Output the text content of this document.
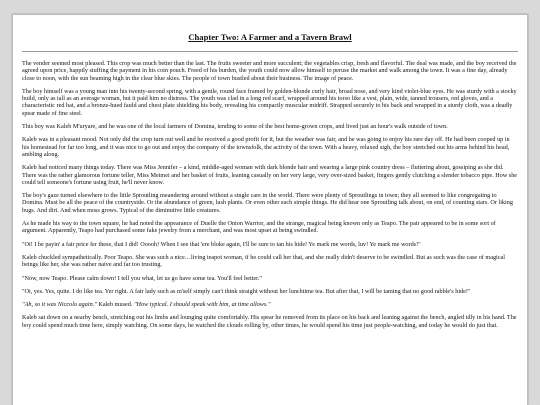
Chapter Two: A Farmer and a Tavern Brawl

The vender seemed most pleased. This crop was much better than the last. The fruits sweeter and more succulent; the vegetables crisp, fresh and flavorful. The deal was made, and the boy received the agreed upon price, happily stuffing the payment in his coin pouch. Freed of his burden, the youth could now allow himself to peruse the market and walk among the town. It was a fine day, already close to noon, with the sun beaming high in the clear blue skies. The people of town bustled about their business. The image of peace.

The boy himself was a young man into his twenty-second spring, with a gentle, round face framed by golden-blonde curly hair, broad nose, and very kind violet-blue eyes. He was sturdy with a stocky build, only as tall as an average woman, but it paid him no distress. The youth was clad in a long red scarf, wrapped around his torso like a vest, plain, wide, tanned trousers, red gloves, and a characteristic red hat, and a bronze-hued fauld and chest plate shielding his body, revealing his compactly muscular midriff. Strapped securely to his back and wrapped in a sturdy cloth, was a deadly spear made of fine steel.

This boy was Kaleb M'uryare, and he was one of the local farmers of Domina, tending to some of the best home-grown crops, and lived just an hour's walk outside of town.

Kaleb was in a pleasant mood. Not only did the crop turn out well and he received a good profit for it, but the weather was fair, and he was going to enjoy his rare day off. He had been cooped up in his homestead for far too long, and it was nice to go out and enjoy the company of the townsfolk, the activity of the town. With a heavy, relaxed sigh, the boy stretched out his arms behind his head, ambling along.

Kaleb had noticed many things today. There was Miss Jennifer – a kind, middle-aged woman with dark blonde hair and wearing a large pink country dress – fluttering about, gossiping as she did. There was the rather glamorous fortune teller, Miss Meimei and her basket of fruits, leaning casually on her very large, very over-sized basket, fingers gently clutching a slender tobacco pipe. How she could tell someone's fortune using fruit, he'll never know.

The boy's gaze turned elsewhere to the little Sproutling meandering around without a single care in the world. There were plenty of Sproutlings in town; they all seemed to like congregating to Domina. Must be all the peace of the countryside. Or the abundance of green, lush plants. Or even other such simple things. He did hear one Sproutling talk about, on end, of counting stars. Or liking bugs. And dirt. And when moss grows. Typical of the diminutive little creatures.

As he made his way to the town square, he had noted the appearance of Duelle the Onion Warrior, and the strange, magical being known only as Teapo. The pair appeared to be in some sort of argument. Apparently, Teapo had purchased some fake jewelry from a merchant, and was most upset at being swindled.

"Oi! I be payin' a fair price fer these, that I did! Ooooh! When I see that 'ere bloke again, I'll be sure to tan his hide! Ye mark me words, luv! Ye mark me words!"

Kaleb chuckled sympathetically. Poor Teapo. She was such a nice…living teapot woman, if he could call her that, and she really didn't deserve to be swindled. But as such was the case of magical beings like her, she was rather naive and far too trusting.

"Now, now Teapo. Please calm down! I tell you what, let us go have some tea. You'll feel better."

"Oi, yes. Yes, quite. I do like tea. Yer right. A fair lady such as m'self simply can't think straight without her lunchtime tea. But after that, I will be taming that no good rabble's hide!"

"Ah, so it was Niccolo again." Kaleb mused. "How typical. I should speak with him, at time allows."

Kaleb sat down on a nearby bench, stretching out his limbs and lounging quite comfortably. His spear he removed from its place on his back and leaning against the bench, angled idly in his hand. The boy could spend much time here, simply watching. On some days, he watched the clouds rolling by, other times, he would spend his time just people-watching, and today he would do just that.
